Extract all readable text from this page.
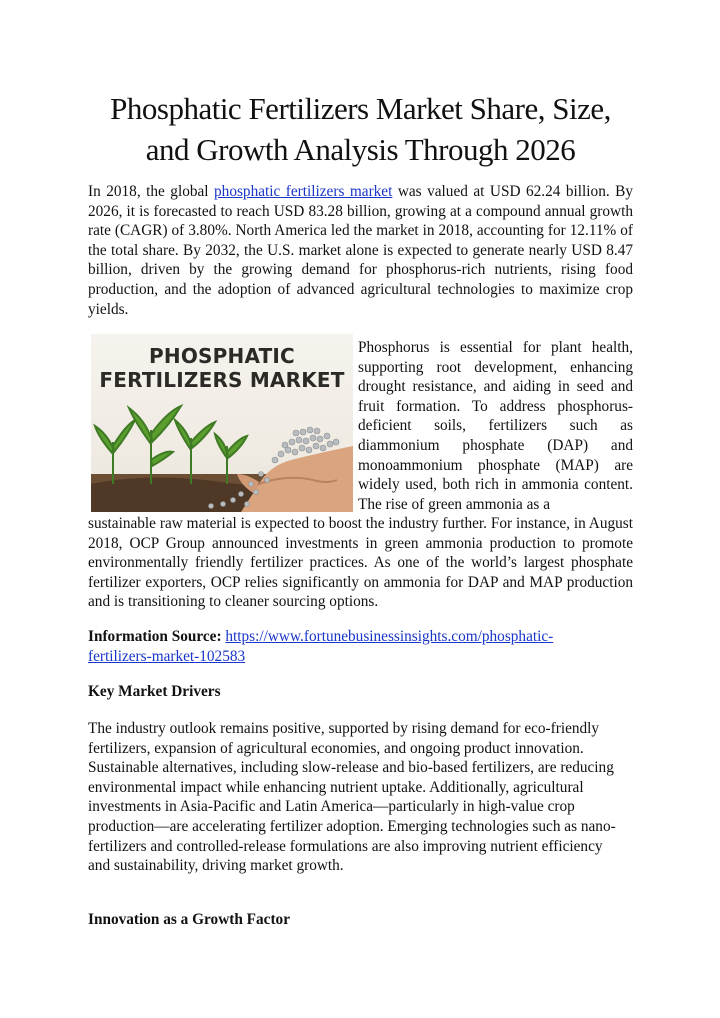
Phosphatic Fertilizers Market Share, Size,
and Growth Analysis Through 2026

In 2018, the global phosphatic fertilizers market was valued at USD 62.24 billion. By 2026, it is forecasted to reach USD 83.28 billion, growing at a compound annual growth rate (CAGR) of 3.80%. North America led the market in 2018, accounting for 12.11% of the total share. By 2032, the U.S. market alone is expected to generate nearly USD 8.47 billion, driven by the growing demand for phosphorus-rich nutrients, rising food production, and the adoption of advanced agricultural technologies to maximize crop yields.

Phosphorus is essential for plant health, supporting root development, enhancing drought resistance, and aiding in seed and fruit formation. To address phosphorus-deficient soils, fertilizers such as diammonium phosphate (DAP) and monoammonium phosphate (MAP) are widely used, both rich in ammonia content. The rise of green ammonia as a

sustainable raw material is expected to boost the industry further. For instance, in August 2018, OCP Group announced investments in green ammonia production to promote environmentally friendly fertilizer practices. As one of the world’s largest phosphate fertilizer exporters, OCP relies significantly on ammonia for DAP and MAP production and is transitioning to cleaner sourcing options.

Information Source: https://www.fortunebusinessinsights.com/phosphatic-
fertilizers-market-102583

Key Market Drivers

The industry outlook remains positive, supported by rising demand for eco-friendly fertilizers, expansion of agricultural economies, and ongoing product innovation. Sustainable alternatives, including slow-release and bio-based fertilizers, are reducing environmental impact while enhancing nutrient uptake. Additionally, agricultural investments in Asia-Pacific and Latin America—particularly in high-value crop production—are accelerating fertilizer adoption. Emerging technologies such as nano-fertilizers and controlled-release formulations are also improving nutrient efficiency and sustainability, driving market growth.

Innovation as a Growth Factor
PHOSPHATIC
FERTILIZERS MARKET
